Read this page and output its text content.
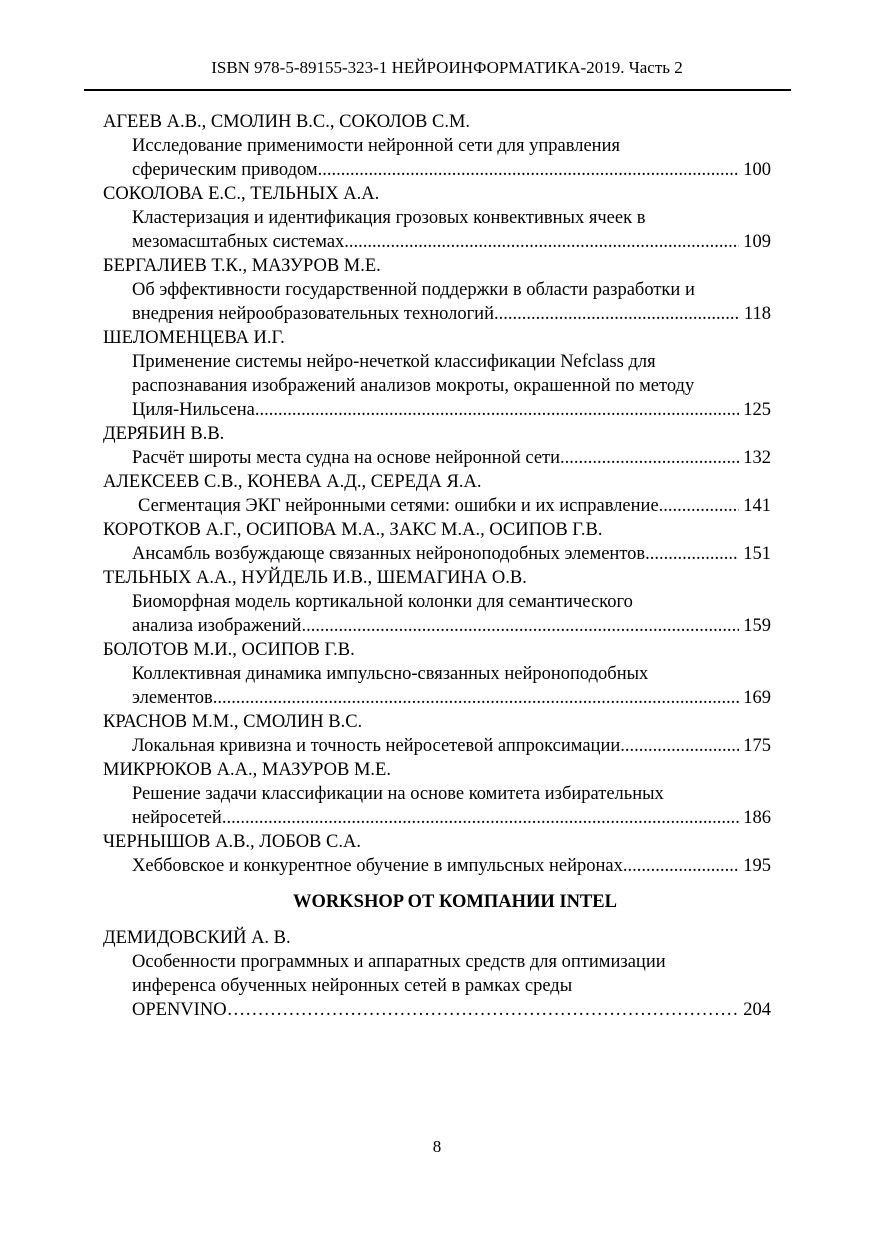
ISBN 978-5-89155-323-1 НЕЙРОИНФОРМАТИКА-2019. Часть 2
АГЕЕВ А.В., СМОЛИН В.С., СОКОЛОВ С.М.
Исследование применимости нейронной сети для управления
сферическим приводом .....	100
СОКОЛОВА Е.С., ТЕЛЬНЫХ А.А.
Кластеризация и идентификация грозовых конвективных ячеек в
мезомасштабных системах .....	109
БЕРГАЛИЕВ Т.К., МАЗУРОВ М.Е.
Об эффективности государственной поддержки в области разработки и
внедрения нейрообразовательных технологий .....	118
ШЕЛОМЕНЦЕВА И.Г.
Применение системы нейро-нечеткой классификации Nefclass для
распознавания изображений анализов мокроты, окрашенной по методу
Циля-Нильсена .....	125
ДЕРЯБИН В.В.
Расчёт широты места судна на основе нейронной сети .....	132
АЛЕКСЕЕВ С.В., КОНЕВА А.Д., СЕРЕДА Я.А.
Сегментация ЭКГ нейронными сетями: ошибки и их исправление .....	141
КОРОТКОВ А.Г., ОСИПОВА М.А., ЗАКС М.А., ОСИПОВ Г.В.
Ансамбль возбуждающе связанных нейроноподобных элементов .....	151
ТЕЛЬНЫХ А.А., НУЙДЕЛЬ И.В., ШЕМАГИНА О.В.
Биоморфная модель кортикальной колонки для семантического
анализа изображений .....	159
БОЛОТОВ М.И., ОСИПОВ Г.В.
Коллективная динамика импульсно-связанных нейроноподобных
элементов .....	169
КРАСНОВ М.М., СМОЛИН В.С.
Локальная кривизна и точность нейросетевой аппроксимации .....	175
МИКРЮКОВ А.А., МАЗУРОВ М.Е.
Решение задачи классификации на основе комитета избирательных
нейросетей .....	186
ЧЕРНЫШОВ А.В., ЛОБОВ С.А.
Хеббовское и конкурентное обучение в импульсных нейронах .....	195
WORKSHOP ОТ КОМПАНИИ INTEL
ДЕМИДОВСКИЙ А. В.
Особенности программных и аппаратных средств для оптимизации
инференса обученных нейронных сетей в рамках среды
OPENVINO ……………………………………………………………………………………………………………………………………………………	204
8
